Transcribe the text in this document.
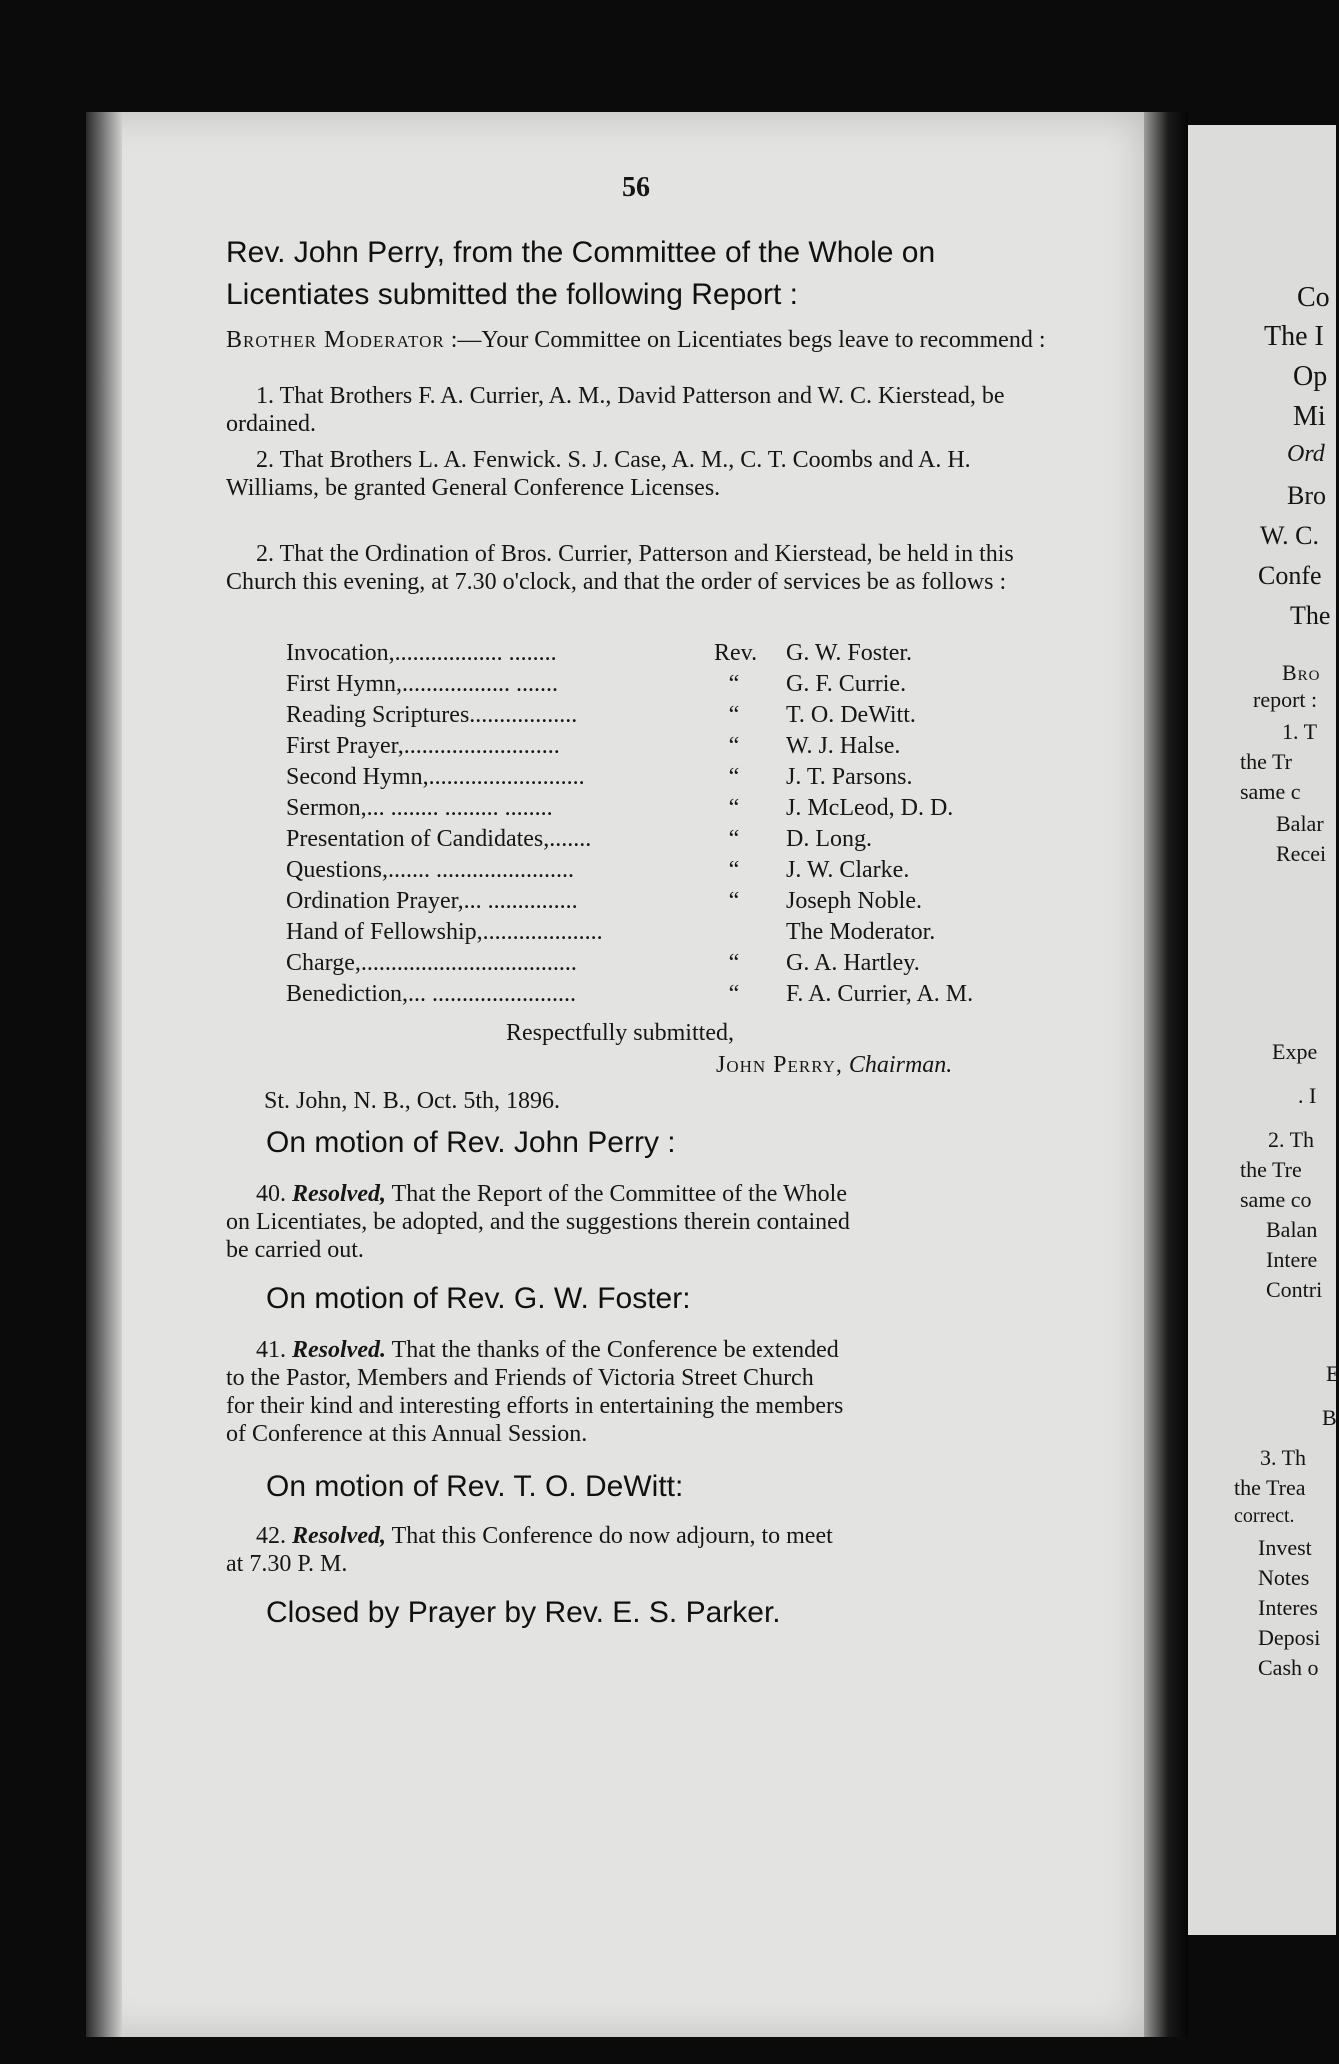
Co
The I
Op
Mi
Ord
Bro
W. C.
Confe
The
Bro
report :
1. T
the Tr
same c
Balar
Recei
Expe
. I
2. Th
the Tre
same co
Balan
Intere
Contri
E
B
3. Th
the Trea
correct.
Invest
Notes
Interes
Deposi
Cash o
56
Rev. John Perry, from the Committee of the Whole on Licentiates submitted the following Report :
Brother Moderator :—Your Committee on Licentiates begs leave to recommend :
1. That Brothers F. A. Currier, A. M., David Patterson and W. C. Kierstead, be ordained.
2. That Brothers L. A. Fenwick. S. J. Case, A. M., C. T. Coombs and A. H. Williams, be granted General Conference Licenses.
2. That the Ordination of Bros. Currier, Patterson and Kierstead, be held in this Church this evening, at 7.30 o'clock, and that the order of services be as follows :
Invocation,.................. ........	Rev. G. W. Foster.
First Hymn,.................. .......	“	G. F. Currie.
Reading Scriptures..................	“	T. O. DeWitt.
First Prayer,..........................	“	W. J. Halse.
Second Hymn,..........................	“	J. T. Parsons.
Sermon,... ........ ......... ........	“	J. McLeod, D. D.
Presentation of Candidates,.......	“	D. Long.
Questions,....... .......................	“	J. W. Clarke.
Ordination Prayer,... ...............	“	Joseph Noble.
Hand of Fellowship,....................	The Moderator.
Charge,....................................	“	G. A. Hartley.
Benediction,... ........................	“	F. A. Currier, A. M.
Respectfully submitted,
John Perry, Chairman.
St. John, N. B., Oct. 5th, 1896.
On motion of Rev. John Perry :
40. Resolved, That the Report of the Committee of the Whole
on Licentiates, be adopted, and the suggestions therein contained
be carried out.
On motion of Rev. G. W. Foster:
41. Resolved. That the thanks of the Conference be extended
to the Pastor, Members and Friends of Victoria Street Church
for their kind and interesting efforts in entertaining the members
of Conference at this Annual Session.
On motion of Rev. T. O. DeWitt:
42. Resolved, That this Conference do now adjourn, to meet
at 7.30 P. M.
Closed by Prayer by Rev. E. S. Parker.
